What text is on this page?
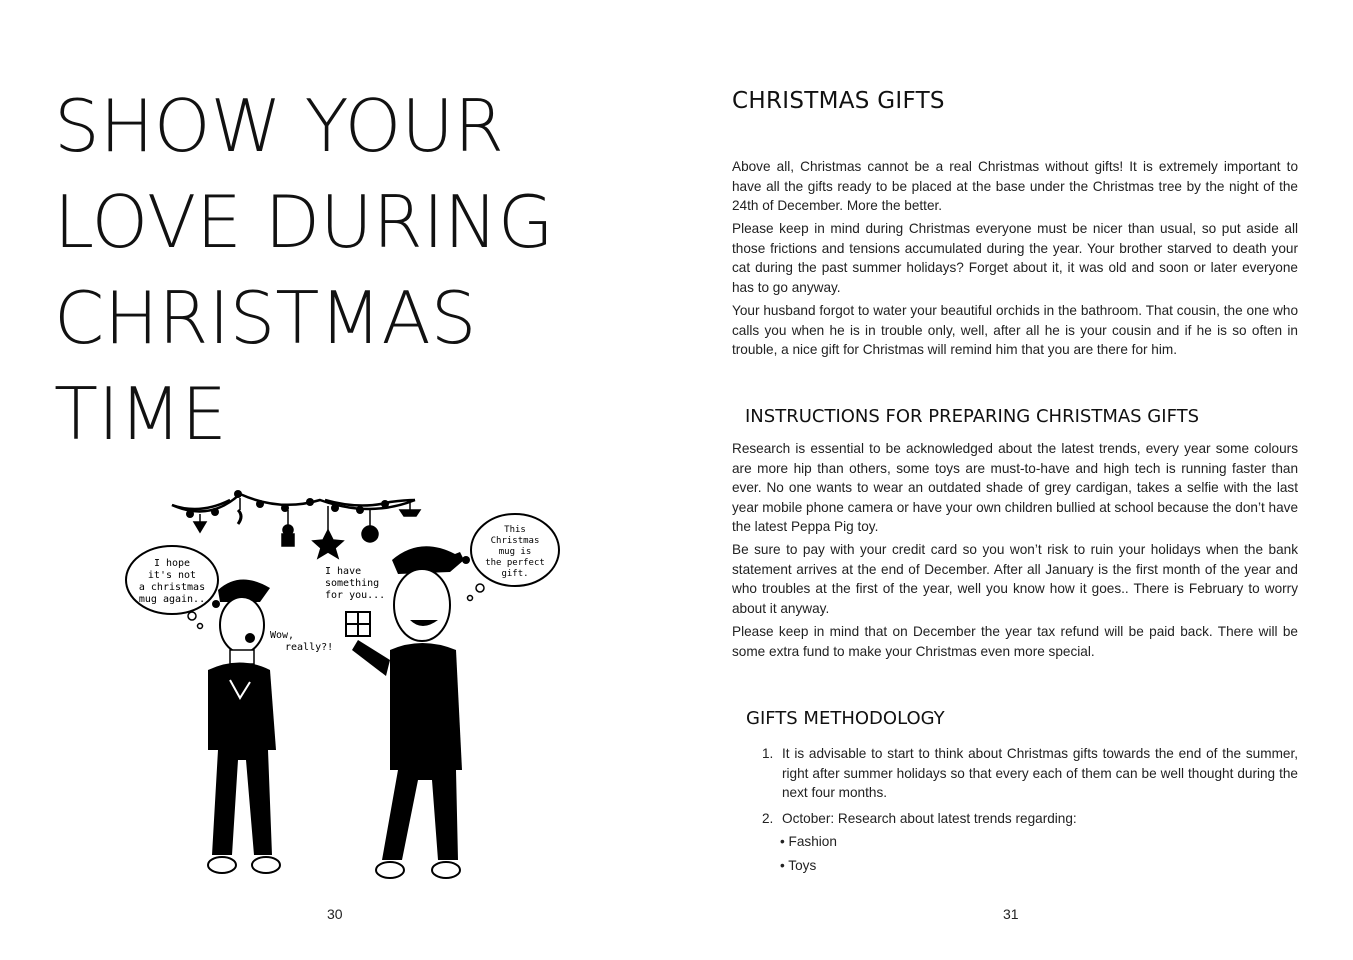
SHOW YOUR
LOVE DURING
CHRISTMAS
TIME
I hope
it's not
a christmas
mug again..
This
Christmas
mug is
the perfect
gift.
I have
something
for you...
Wow,
really?!
30
CHRISTMAS GIFTS

Above all, Christmas cannot be a real Christmas without gifts! It is extremely important to have all the gifts ready to be placed at the base under the Christmas tree by the night of the 24th of December. More the better.

Please keep in mind during Christmas everyone must be nicer than usual, so put aside all those frictions and tensions accumulated during the year. Your brother starved to death your cat during the past summer holidays? Forget about it, it was old and soon or later everyone has to go anyway.

Your husband forgot to water your beautiful orchids in the bathroom. That cousin, the one who calls you when he is in trouble only, well, after all he is your cousin and if he is so often in trouble, a nice gift for Christmas will remind him that you are there for him.

INSTRUCTIONS FOR PREPARING CHRISTMAS GIFTS

Research is essential to be acknowledged about the latest trends, every year some colours are more hip than others, some toys are must-to-have and high tech is running faster than ever. No one wants to wear an outdated shade of grey cardigan, takes a selfie with the last year mobile phone camera or have your own children bullied at school because the don’t have the latest Peppa Pig toy.

Be sure to pay with your credit card so you won’t risk to ruin your holidays when the bank statement arrives at the end of December. After all January is the first month of the year and who troubles at the first of the year, well you know how it goes.. There is February to worry about it anyway.

Please keep in mind that on December the year tax refund will be paid back. There will be some extra fund to make your Christmas even more special.

GIFTS METHODOLOGY
1. It is advisable to start to think about Christmas gifts towards the end of the summer, right after summer holidays so that every each of them can be well thought during the next four months.
2. October: Research about latest trends regarding:
• Fashion
• Toys
31
